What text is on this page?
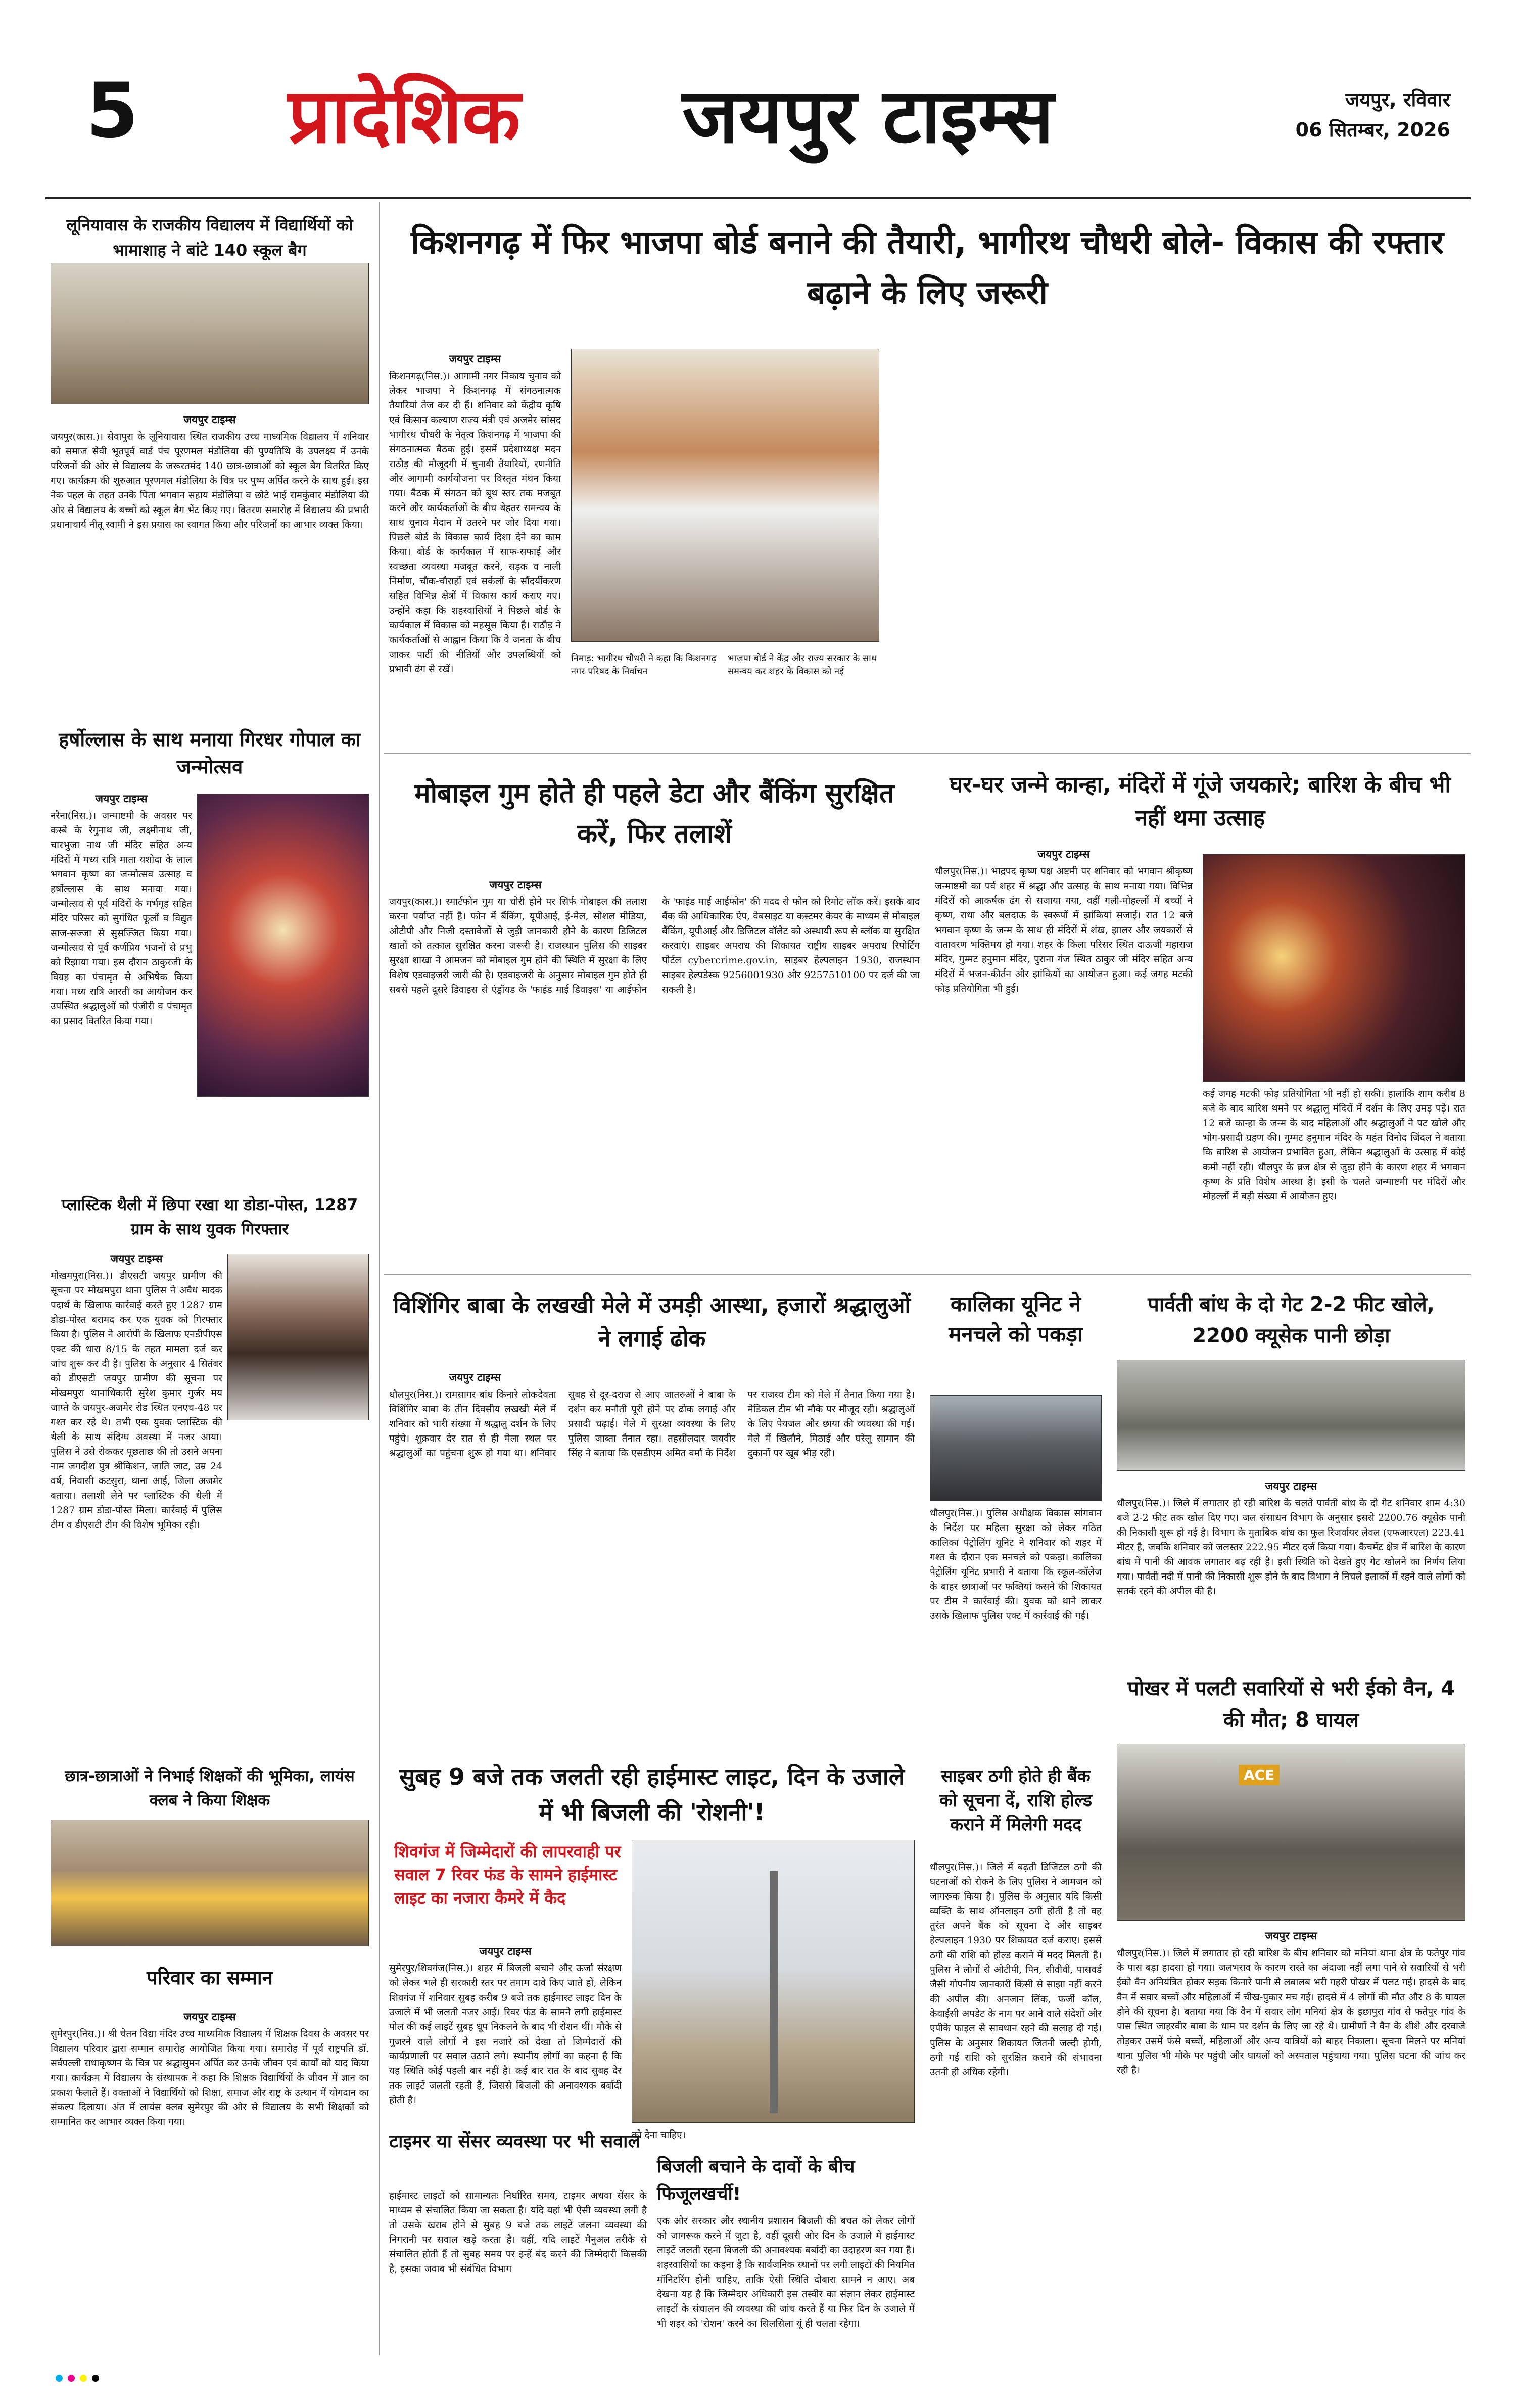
5 प्रादेशिक जयपुर टाइम्स	जयपुर, रविवार
06 सितम्बर, 2026
लूनियावास के राजकीय विद्यालय में विद्यार्थियों को भामाशाह ने बांटे 140 स्कूल बैग

जयपुर टाइम्स

जयपुर(कास.)। सेवापुरा के लूनियावास स्थित राजकीय उच्च माध्यमिक विद्यालय में शनिवार को समाज सेवी भूतपूर्व वार्ड पंच पूरणमल मंडोलिया की पुण्यतिथि के उपलक्ष्य में उनके परिजनों की ओर से विद्यालय के जरूरतमंद 140 छात्र-छात्राओं को स्कूल बैग वितरित किए गए। कार्यक्रम की शुरुआत पूरणमल मंडोलिया के चित्र पर पुष्प अर्पित करने के साथ हुई। इस नेक पहल के तहत उनके पिता भगवान सहाय मंडोलिया व छोटे भाई रामकुंवार मंडोलिया की ओर से विद्यालय के बच्चों को स्कूल बैग भेंट किए गए। वितरण समारोह में विद्यालय की प्रभारी प्रधानाचार्य नीतू स्वामी ने इस प्रयास का स्वागत किया और परिजनों का आभार व्यक्त किया।

हर्षोल्लास के साथ मनाया गिरधर गोपाल का जन्मोत्सव

जयपुर टाइम्स

नरैना(निस.)। जन्माष्टमी के अवसर पर कस्बे के रेगुनाथ जी, लक्ष्मीनाथ जी, चारभुजा नाथ जी मंदिर सहित अन्य मंदिरों में मध्य रात्रि माता यशोदा के लाल भगवान कृष्ण का जन्मोत्सव उत्साह व हर्षोल्लास के साथ मनाया गया। जन्मोत्सव से पूर्व मंदिरों के गर्भगृह सहित मंदिर परिसर को सुगंधित फूलों व विद्युत साज-सज्जा से सुसज्जित किया गया। जन्मोत्सव से पूर्व कर्णप्रिय भजनों से प्रभु को रिझाया गया। इस दौरान ठाकुरजी के विग्रह का पंचामृत से अभिषेक किया गया। मध्य रात्रि आरती का आयोजन कर उपस्थित श्रद्धालुओं को पंजीरी व पंचामृत का प्रसाद वितरित किया गया।

प्लास्टिक थैली में छिपा रखा था डोडा-पोस्त, 1287 ग्राम के साथ युवक गिरफ्तार

जयपुर टाइम्स

मोखमपुरा(निस.)। डीएसटी जयपुर ग्रामीण की सूचना पर मोखमपुरा थाना पुलिस ने अवैध मादक पदार्थ के खिलाफ कार्रवाई करते हुए 1287 ग्राम डोडा-पोस्त बरामद कर एक युवक को गिरफ्तार किया है। पुलिस ने आरोपी के खिलाफ एनडीपीएस एक्ट की धारा 8/15 के तहत मामला दर्ज कर जांच शुरू कर दी है। पुलिस के अनुसार 4 सितंबर को डीएसटी जयपुर ग्रामीण की सूचना पर मोखमपुरा थानाधिकारी सुरेश कुमार गुर्जर मय जाप्ते के जयपुर-अजमेर रोड स्थित एनएच-48 पर गश्त कर रहे थे। तभी एक युवक प्लास्टिक की थैली के साथ संदिग्ध अवस्था में नजर आया। पुलिस ने उसे रोककर पूछताछ की तो उसने अपना नाम जगदीश पुत्र श्रीकिशन, जाति जाट, उम्र 24 वर्ष, निवासी कटसुरा, थाना आई, जिला अजमेर बताया। तलाशी लेने पर प्लास्टिक की थैली में 1287 ग्राम डोडा-पोस्त मिला। कार्रवाई में पुलिस टीम व डीएसटी टीम की विशेष भूमिका रही।

छात्र-छात्राओं ने निभाई शिक्षकों की भूमिका, लायंस क्लब ने किया शिक्षक
परिवार का सम्मान

जयपुर टाइम्स

सुमेरपुर(निस.)। श्री चेतन विद्या मंदिर उच्च माध्यमिक विद्यालय में शिक्षक दिवस के अवसर पर विद्यालय परिवार द्वारा सम्मान समारोह आयोजित किया गया। समारोह में पूर्व राष्ट्रपति डॉ. सर्वपल्ली राधाकृष्णन के चित्र पर श्रद्धासुमन अर्पित कर उनके जीवन एवं कार्यों को याद किया गया। कार्यक्रम में विद्यालय के संस्थापक ने कहा कि शिक्षक विद्यार्थियों के जीवन में ज्ञान का प्रकाश फैलाते हैं। वक्ताओं ने विद्यार्थियों को शिक्षा, समाज और राष्ट्र के उत्थान में योगदान का संकल्प दिलाया। अंत में लायंस क्लब सुमेरपुर की ओर से विद्यालय के सभी शिक्षकों को सम्मानित कर आभार व्यक्त किया गया।

किशनगढ़ में फिर भाजपा बोर्ड बनाने की तैयारी, भागीरथ चौधरी बोले- विकास की रफ्तार बढ़ाने के लिए जरूरी

जयपुर टाइम्स

किशनगढ़(निस.)। आगामी नगर निकाय चुनाव को लेकर भाजपा ने किशनगढ़ में संगठनात्मक तैयारियां तेज कर दी हैं। शनिवार को केंद्रीय कृषि एवं किसान कल्याण राज्य मंत्री एवं अजमेर सांसद भागीरथ चौधरी के नेतृत्व किशनगढ़ में भाजपा की संगठनात्मक बैठक हुई। इसमें प्रदेशाध्यक्ष मदन राठौड़ की मौजूदगी में चुनावी तैयारियों, रणनीति और आगामी कार्ययोजना पर विस्तृत मंथन किया गया। बैठक में संगठन को बूथ स्तर तक मजबूत करने और कार्यकर्ताओं के बीच बेहतर समन्वय के साथ चुनाव मैदान में उतरने पर जोर दिया गया। पिछले बोर्ड के विकास कार्य दिशा देने का काम किया। बोर्ड के कार्यकाल में साफ-सफाई और स्वच्छता व्यवस्था मजबूत करने, सड़क व नाली निर्माण, चौक-चौराहों एवं सर्कलों के सौंदर्यीकरण सहित विभिन्न क्षेत्रों में विकास कार्य कराए गए। उन्होंने कहा कि शहरवासियों ने पिछले बोर्ड के कार्यकाल में विकास को महसूस किया है। राठौड़ ने कार्यकर्ताओं से आह्वान किया कि वे जनता के बीच जाकर पार्टी की नीतियों और उपलब्धियों को प्रभावी ढंग से रखें।

निमाड़: भागीरथ चौधरी ने कहा कि किशनगढ़ नगर परिषद के निर्वाचन
भाजपा बोर्ड ने केंद्र और राज्य सरकार के साथ समन्वय कर शहर के विकास को नई
मोबाइल गुम होते ही पहले डेटा और बैंकिंग सुरक्षित करें, फिर तलाशें

जयपुर टाइम्स

जयपुर(कास.)। स्मार्टफोन गुम या चोरी होने पर सिर्फ मोबाइल की तलाश करना पर्याप्त नहीं है। फोन में बैंकिंग, यूपीआई, ई-मेल, सोशल मीडिया, ओटीपी और निजी दस्तावेजों से जुड़ी जानकारी होने के कारण डिजिटल खातों को तत्काल सुरक्षित करना जरूरी है। राजस्थान पुलिस की साइबर सुरक्षा शाखा ने आमजन को मोबाइल गुम होने की स्थिति में सुरक्षा के लिए विशेष एडवाइजरी जारी की है। एडवाइजरी के अनुसार मोबाइल गुम होते ही सबसे पहले दूसरे डिवाइस से एंड्रॉयड के 'फाइंड माई डिवाइस' या आईफोन के 'फाइंड माई आईफोन' की मदद से फोन को रिमोट लॉक करें। इसके बाद बैंक की आधिकारिक ऐप, वेबसाइट या कस्टमर केयर के माध्यम से मोबाइल बैंकिंग, यूपीआई और डिजिटल वॉलेट को अस्थायी रूप से ब्लॉक या सुरक्षित करवाएं। साइबर अपराध की शिकायत राष्ट्रीय साइबर अपराध रिपोर्टिंग पोर्टल cybercrime.gov.in, साइबर हेल्पलाइन 1930, राजस्थान साइबर हेल्पडेस्क 9256001930 और 9257510100 पर दर्ज की जा सकती है।

घर-घर जन्मे कान्हा, मंदिरों में गूंजे जयकारे; बारिश के बीच भी नहीं थमा उत्साह

जयपुर टाइम्स

धौलपुर(निस.)। भाद्रपद कृष्ण पक्ष अष्टमी पर शनिवार को भगवान श्रीकृष्ण जन्माष्टमी का पर्व शहर में श्रद्धा और उत्साह के साथ मनाया गया। विभिन्न मंदिरों को आकर्षक ढंग से सजाया गया, वहीं गली-मोहल्लों में बच्चों ने कृष्ण, राधा और बलदाऊ के स्वरूपों में झांकियां सजाईं। रात 12 बजे भगवान कृष्ण के जन्म के साथ ही मंदिरों में शंख, झालर और जयकारों से वातावरण भक्तिमय हो गया। शहर के किला परिसर स्थित दाऊजी महाराज मंदिर, गुम्मट हनुमान मंदिर, पुराना गंज स्थित ठाकुर जी मंदिर सहित अन्य मंदिरों में भजन-कीर्तन और झांकियों का आयोजन हुआ। कई जगह मटकी फोड़ प्रतियोगिता भी हुई।

कई जगह मटकी फोड़ प्रतियोगिता भी नहीं हो सकी। हालांकि शाम करीब 8 बजे के बाद बारिश थमने पर श्रद्धालु मंदिरों में दर्शन के लिए उमड़ पड़े। रात 12 बजे कान्हा के जन्म के बाद महिलाओं और श्रद्धालुओं ने पट खोले और भोग-प्रसादी ग्रहण की। गुम्मट हनुमान मंदिर के महंत विनोद जिंदल ने बताया कि बारिश से आयोजन प्रभावित हुआ, लेकिन श्रद्धालुओं के उत्साह में कोई कमी नहीं रही। धौलपुर के ब्रज क्षेत्र से जुड़ा होने के कारण शहर में भगवान कृष्ण के प्रति विशेष आस्था है। इसी के चलते जन्माष्टमी पर मंदिरों और मोहल्लों में बड़ी संख्या में आयोजन हुए।

विशिंगिर बाबा के लखखी मेले में उमड़ी आस्था, हजारों श्रद्धालुओं ने लगाई ढोक

जयपुर टाइम्स

धौलपुर(निस.)। रामसागर बांध किनारे लोकदेवता विशिंगिर बाबा के तीन दिवसीय लखखी मेले में शनिवार को भारी संख्या में श्रद्धालु दर्शन के लिए पहुंचे। शुक्रवार देर रात से ही मेला स्थल पर श्रद्धालुओं का पहुंचना शुरू हो गया था। शनिवार सुबह से दूर-दराज से आए जातरुओं ने बाबा के दर्शन कर मनौती पूरी होने पर ढोक लगाई और प्रसादी चढ़ाई। मेले में सुरक्षा व्यवस्था के लिए पुलिस जाब्ता तैनात रहा। तहसीलदार जयवीर सिंह ने बताया कि एसडीएम अमित वर्मा के निर्देश पर राजस्व टीम को मेले में तैनात किया गया है। मेडिकल टीम भी मौके पर मौजूद रही। श्रद्धालुओं के लिए पेयजल और छाया की व्यवस्था की गई। मेले में खिलौने, मिठाई और घरेलू सामान की दुकानों पर खूब भीड़ रही।

कालिका यूनिट ने मनचले को पकड़ा

धौलपुर(निस.)। पुलिस अधीक्षक विकास सांगवान के निर्देश पर महिला सुरक्षा को लेकर गठित कालिका पेट्रोलिंग यूनिट ने शनिवार को शहर में गश्त के दौरान एक मनचले को पकड़ा। कालिका पेट्रोलिंग यूनिट प्रभारी ने बताया कि स्कूल-कॉलेज के बाहर छात्राओं पर फब्तियां कसने की शिकायत पर टीम ने कार्रवाई की। युवक को थाने लाकर उसके खिलाफ पुलिस एक्ट में कार्रवाई की गई।

पार्वती बांध के दो गेट 2-2 फीट खोले, 2200 क्यूसेक पानी छोड़ा

जयपुर टाइम्स

धौलपुर(निस.)। जिले में लगातार हो रही बारिश के चलते पार्वती बांध के दो गेट शनिवार शाम 4:30 बजे 2-2 फीट तक खोल दिए गए। जल संसाधन विभाग के अनुसार इससे 2200.76 क्यूसेक पानी की निकासी शुरू हो गई है। विभाग के मुताबिक बांध का फुल रिजर्वायर लेवल (एफआरएल) 223.41 मीटर है, जबकि शनिवार को जलस्तर 222.95 मीटर दर्ज किया गया। कैचमेंट क्षेत्र में बारिश के कारण बांध में पानी की आवक लगातार बढ़ रही है। इसी स्थिति को देखते हुए गेट खोलने का निर्णय लिया गया। पार्वती नदी में पानी की निकासी शुरू होने के बाद विभाग ने निचले इलाकों में रहने वाले लोगों को सतर्क रहने की अपील की है।

पोखर में पलटी सवारियों से भरी ईको वैन, 4 की मौत; 8 घायल
ACE

जयपुर टाइम्स

धौलपुर(निस.)। जिले में लगातार हो रही बारिश के बीच शनिवार को मनियां थाना क्षेत्र के फतेपुर गांव के पास बड़ा हादसा हो गया। जलभराव के कारण रास्ते का अंदाजा नहीं लगा पाने से सवारियों से भरी ईको वैन अनियंत्रित होकर सड़क किनारे पानी से लबालब भरी गहरी पोखर में पलट गई। हादसे के बाद वैन में सवार बच्चों और महिलाओं में चीख-पुकार मच गई। हादसे में 4 लोगों की मौत और 8 के घायल होने की सूचना है। बताया गया कि वैन में सवार लोग मनियां क्षेत्र के इछापुरा गांव से फतेपुर गांव के पास स्थित जाहरवीर बाबा के धाम पर दर्शन के लिए जा रहे थे। ग्रामीणों ने वैन के शीशे और दरवाजे तोड़कर उसमें फंसे बच्चों, महिलाओं और अन्य यात्रियों को बाहर निकाला। सूचना मिलने पर मनियां थाना पुलिस भी मौके पर पहुंची और घायलों को अस्पताल पहुंचाया गया। पुलिस घटना की जांच कर रही है।

साइबर ठगी होते ही बैंक को सूचना दें, राशि होल्ड कराने में मिलेगी मदद

धौलपुर(निस.)। जिले में बढ़ती डिजिटल ठगी की घटनाओं को रोकने के लिए पुलिस ने आमजन को जागरूक किया है। पुलिस के अनुसार यदि किसी व्यक्ति के साथ ऑनलाइन ठगी होती है तो वह तुरंत अपने बैंक को सूचना दे और साइबर हेल्पलाइन 1930 पर शिकायत दर्ज कराए। इससे ठगी की राशि को होल्ड कराने में मदद मिलती है। पुलिस ने लोगों से ओटीपी, पिन, सीवीवी, पासवर्ड जैसी गोपनीय जानकारी किसी से साझा नहीं करने की अपील की। अनजान लिंक, फर्जी कॉल, केवाईसी अपडेट के नाम पर आने वाले संदेशों और एपीके फाइल से सावधान रहने की सलाह दी गई। पुलिस के अनुसार शिकायत जितनी जल्दी होगी, ठगी गई राशि को सुरक्षित कराने की संभावना उतनी ही अधिक रहेगी।

सुबह 9 बजे तक जलती रही हाईमास्ट लाइट, दिन के उजाले में भी बिजली की 'रोशनी'!
शिवगंज में जिम्मेदारों की लापरवाही पर सवाल 7 रिवर फंड के सामने हाईमास्ट लाइट का नजारा कैमरे में कैद

जयपुर टाइम्स

सुमेरपुर/शिवगंज(निस.)। शहर में बिजली बचाने और ऊर्जा संरक्षण को लेकर भले ही सरकारी स्तर पर तमाम दावे किए जाते हों, लेकिन शिवगंज में शनिवार सुबह करीब 9 बजे तक हाईमास्ट लाइट दिन के उजाले में भी जलती नजर आई। रिवर फंड के सामने लगी हाईमास्ट पोल की कई लाइटें सुबह धूप निकलने के बाद भी रोशन थीं। मौके से गुजरने वाले लोगों ने इस नजारे को देखा तो जिम्मेदारों की कार्यप्रणाली पर सवाल उठाने लगे। स्थानीय लोगों का कहना है कि यह स्थिति कोई पहली बार नहीं है। कई बार रात के बाद सुबह देर तक लाइटें जलती रहती हैं, जिससे बिजली की अनावश्यक बर्बादी होती है।

को देना चाहिए।

टाइमर या सेंसर व्यवस्था पर भी सवाल

हाईमास्ट लाइटों को सामान्यतः निर्धारित समय, टाइमर अथवा सेंसर के माध्यम से संचालित किया जा सकता है। यदि यहां भी ऐसी व्यवस्था लगी है तो उसके खराब होने से सुबह 9 बजे तक लाइटें जलना व्यवस्था की निगरानी पर सवाल खड़े करता है। वहीं, यदि लाइटें मैनुअल तरीके से संचालित होती हैं तो सुबह समय पर इन्हें बंद करने की जिम्मेदारी किसकी है, इसका जवाब भी संबंधित विभाग

बिजली बचाने के दावों के बीच फिजूलखर्ची!

एक ओर सरकार और स्थानीय प्रशासन बिजली की बचत को लेकर लोगों को जागरूक करने में जुटा है, वहीं दूसरी ओर दिन के उजाले में हाईमास्ट लाइटें जलती रहना बिजली की अनावश्यक बर्बादी का उदाहरण बन गया है। शहरवासियों का कहना है कि सार्वजनिक स्थानों पर लगी लाइटों की नियमित मॉनिटरिंग होनी चाहिए, ताकि ऐसी स्थिति दोबारा सामने न आए। अब देखना यह है कि जिम्मेदार अधिकारी इस तस्वीर का संज्ञान लेकर हाईमास्ट लाइटों के संचालन की व्यवस्था की जांच करते हैं या फिर दिन के उजाले में भी शहर को 'रोशन' करने का सिलसिला यूं ही चलता रहेगा।
